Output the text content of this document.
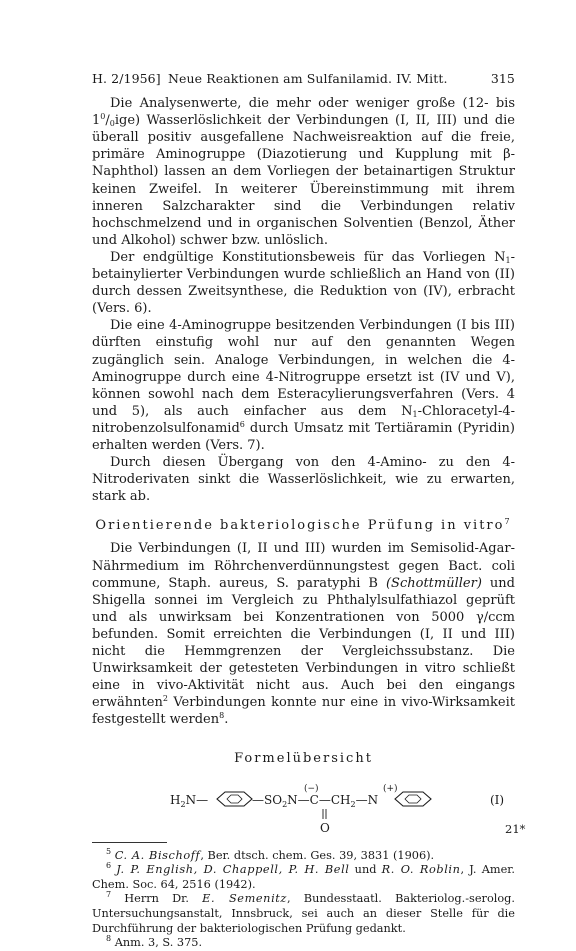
H. 2/1956] Neue Reaktionen am Sulfanilamid. IV. Mitt.	315

Die Analysenwerte, die mehr oder weniger große (12- bis $1^0/_0ige$) Wasserlöslichkeit der Verbindungen (I, II, III) und die überall positiv ausgefallene Nachweisreaktion auf die freie, primäre Aminogruppe (Diazotierung und Kupplung mit β-Naphthol) lassen an dem Vorliegen der betainartigen Struktur keinen Zweifel. In weiterer Übereinstimmung mit ihrem inneren Salzcharakter sind die Verbindungen relativ hochschmelzend und in organischen Solventien (Benzol, Äther und Alkohol) schwer bzw. unlöslich.

Der endgültige Konstitutionsbeweis für das Vorliegen $N_1$-betainylierter Verbindungen wurde schließlich an Hand von (II) durch dessen Zweitsynthese, die Reduktion von (IV), erbracht (Vers. 6).

Die eine 4-Aminogruppe besitzenden Verbindungen (I bis III) dürften einstufig wohl nur auf den genannten Wegen zugänglich sein. Analoge Verbindungen, in welchen die 4-Aminogruppe durch eine 4-Nitrogruppe ersetzt ist (IV und V), können sowohl nach dem Esteracylierungsverfahren (Vers. 4 und 5), als auch einfacher aus dem $N_1-Chloracetyl-4-nitrobenzolsulfonamid^6$ durch Umsatz mit Tertiäramin (Pyridin) erhalten werden (Vers. 7).

Durch diesen Übergang von den 4-Amino- zu den 4-Nitroderivaten sinkt die Wasserlöslichkeit, wie zu erwarten, stark ab.

Orientierende bakteriologische Prüfung in vitro$^7$

Die Verbindungen (I, II und III) wurden im Semisolid-Agar-Nährmedium im Röhrchenverdünnungstest gegen Bact. coli commune, Staph. aureus, S. paratyphi B (Schottmüller) und Shigella sonnei im Vergleich zu Phthalylsulfathiazol geprüft und als unwirksam bei Konzentrationen von 5000 γ/ccm befunden. Somit erreichten die Verbindungen (I, II und III) nicht die Hemmgrenzen der Vergleichssubstanz. Die Unwirksamkeit der getesteten Verbindungen in vitro schließt eine in vivo-Aktivität nicht aus. Auch bei den eingangs erwähnten$^2$ Verbindungen konnte nur eine in vivo-Wirksamkeit festgestellt werden$^8$.

Formelübersicht
$H_2N—$	$—SO_2N—C—CH_2—N$
(−)	(+)
O
(I)

$^5$ C. A. Bischoff, Ber. dtsch. chem. Ges. 39, 3831 (1906).

$^6$ J. P. English, D. Chappell, P. H. Bell und R. O. Roblin, J. Amer. Chem. Soc. 64, 2516 (1942).

$^7$ Herrn Dr. E. Semenitz, Bundesstaatl. Bakteriolog.-serolog. Untersuchungsanstalt, Innsbruck, sei auch an dieser Stelle für die Durchführung der bakteriologischen Prüfung gedankt.

$^8$ Anm. 3, S. 375.

21*
